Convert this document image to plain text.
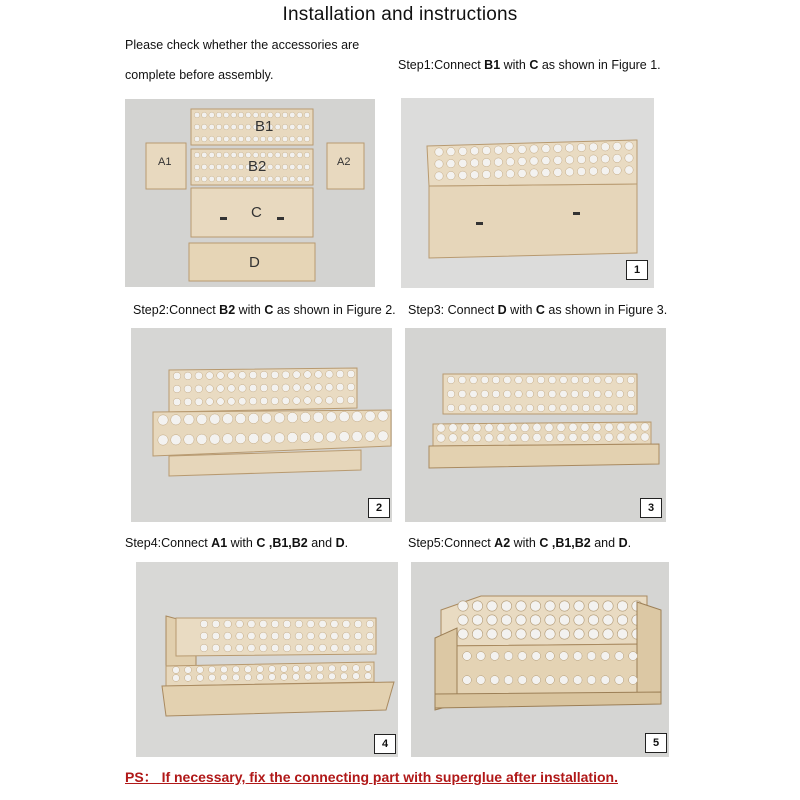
Installation and instructions
Please check whether the accessories are
complete before assembly.
Step1:Connect B1 with C as shown in Figure 1.
B1
B2
A1	A2
C
D	1
Step2:Connect B2 with C as shown in Figure 2. Step3: Connect D with C as shown in Figure 3.
2	3
Step4:Connect A1 with C ,B1,B2 and D.	Step5:Connect A2 with C ,B1,B2 and D.
4	5
PS： If necessary, fix the connecting part with superglue after installation.
